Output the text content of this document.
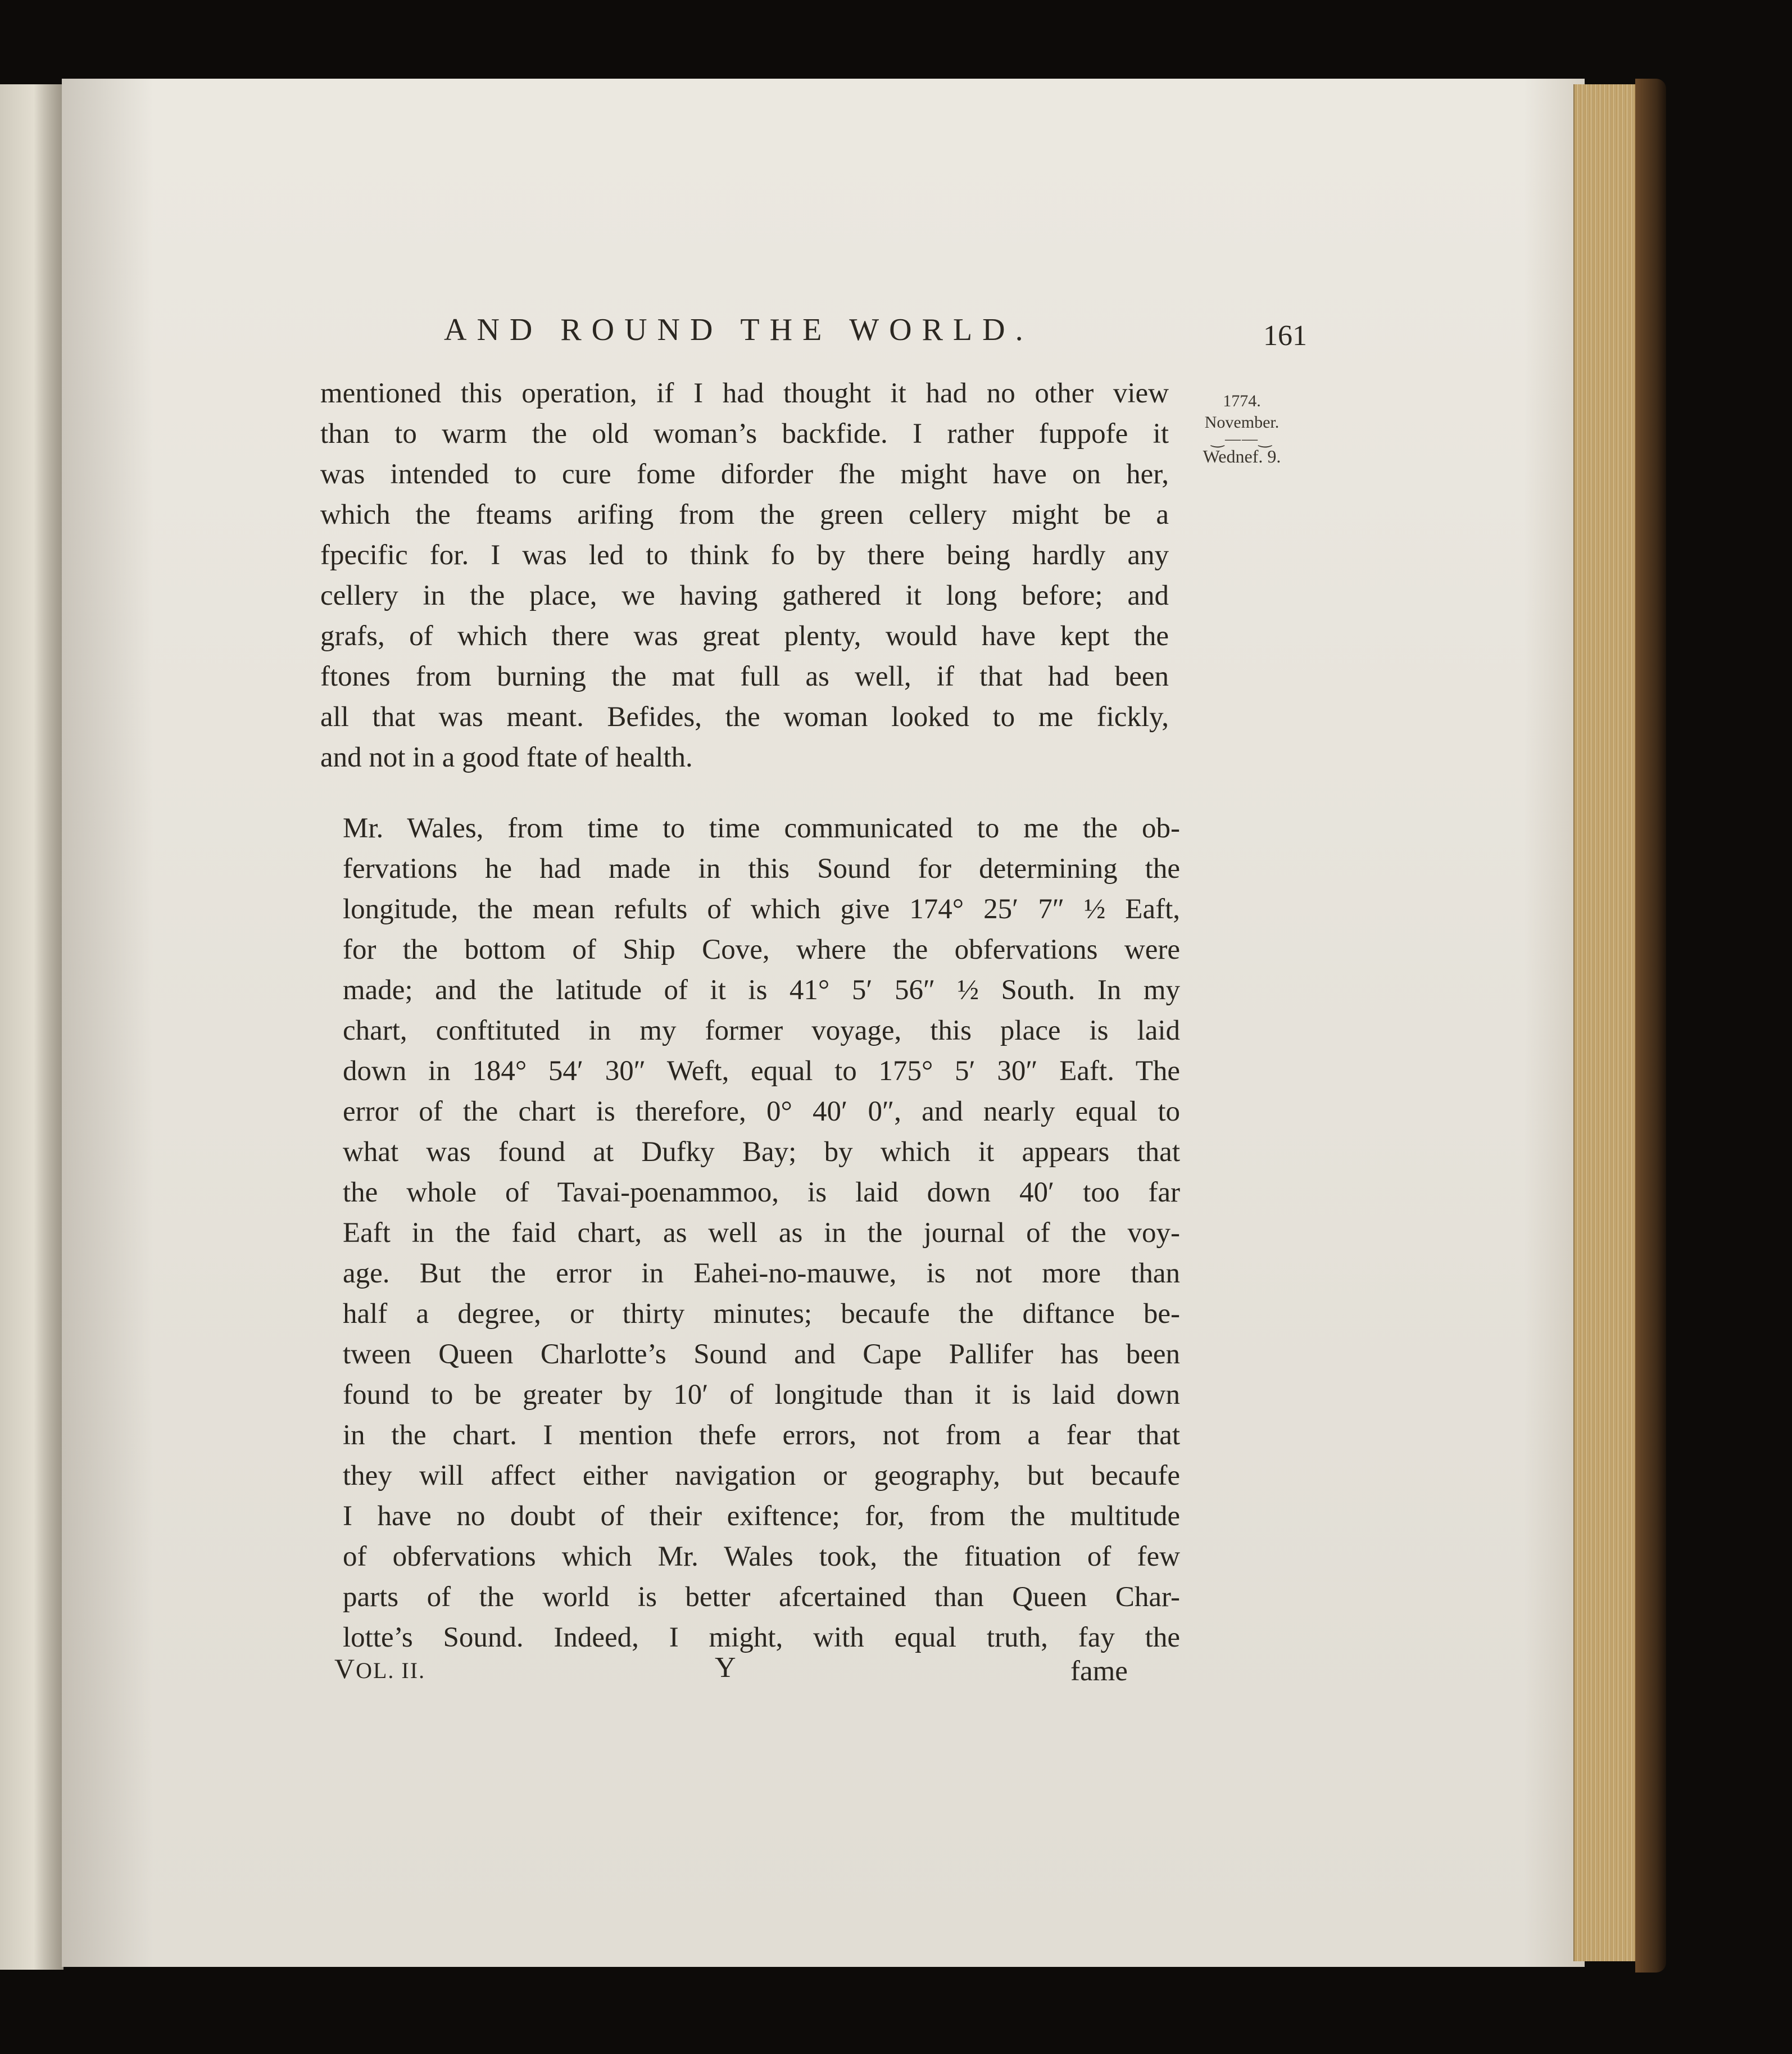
AND ROUND THE WORLD.	161
1774.
November.
‿——‿
Wednef. 9.
mentioned this operation, if I had thought it had no other view
than to warm the old woman’s backfide. I rather fuppofe it
was intended to cure fome diforder fhe might have on her,
which the fteams arifing from the green cellery might be a
fpecific for. I was led to think fo by there being hardly any
cellery in the place, we having gathered it long before; and
grafs, of which there was great plenty, would have kept the
ftones from burning the mat full as well, if that had been
all that was meant. Befides, the woman looked to me fickly,
and not in a good ftate of health.
Mr. Wales, from time to time communicated to me the ob-
fervations he had made in this Sound for determining the
longitude, the mean refults of which give 174° 25′ 7″ ½ Eaft,
for the bottom of Ship Cove, where the obfervations were
made; and the latitude of it is 41° 5′ 56″ ½ South. In my
chart, conftituted in my former voyage, this place is laid
down in 184° 54′ 30″ Weft, equal to 175° 5′ 30″ Eaft. The
error of the chart is therefore, 0° 40′ 0″, and nearly equal to
what was found at Dufky Bay; by which it appears that
the whole of Tavai-poenammoo, is laid down 40′ too far
Eaft in the faid chart, as well as in the journal of the voy-
age. But the error in Eahei-no-mauwe, is not more than
half a degree, or thirty minutes; becaufe the diftance be-
tween Queen Charlotte’s Sound and Cape Pallifer has been
found to be greater by 10′ of longitude than it is laid down
in the chart. I mention thefe errors, not from a fear that
they will affect either navigation or geography, but becaufe
I have no doubt of their exiftence; for, from the multitude
of obfervations which Mr. Wales took, the fituation of few
parts of the world is better afcertained than Queen Char-
lotte’s Sound. Indeed, I might, with equal truth, fay the
VOL. II.	Y	fame
